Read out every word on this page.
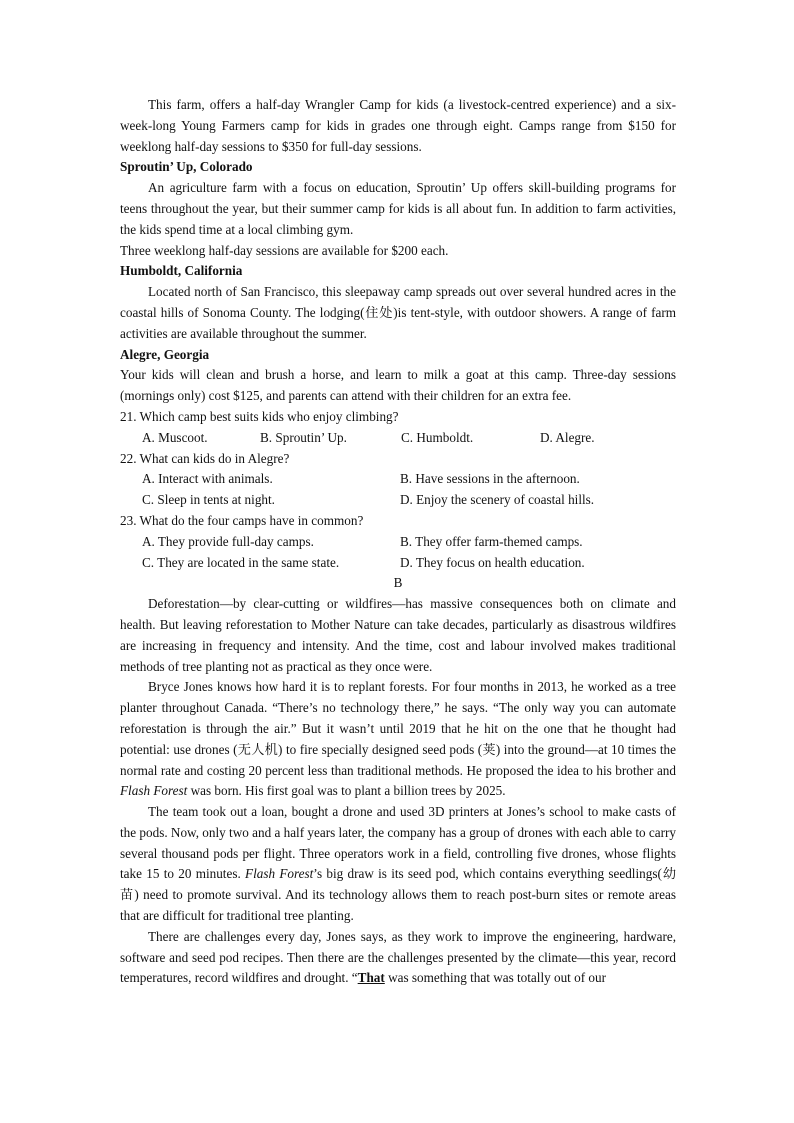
This farm, offers a half-day Wrangler Camp for kids (a livestock-centred experience) and a six-week-long Young Farmers camp for kids in grades one through eight. Camps range from $150 for weeklong half-day sessions to $350 for full-day sessions.

Sproutin’ Up, Colorado

An agriculture farm with a focus on education, Sproutin’ Up offers skill-building programs for teens throughout the year, but their summer camp for kids is all about fun. In addition to farm activities, the kids spend time at a local climbing gym.

Three weeklong half-day sessions are available for $200 each.

Humboldt, California

Located north of San Francisco, this sleepaway camp spreads out over several hundred acres in the coastal hills of Sonoma County. The lodging(住处)is tent-style, with outdoor showers. A range of farm activities are available throughout the summer.

Alegre, Georgia

Your kids will clean and brush a horse, and learn to milk a goat at this camp. Three-day sessions (mornings only) cost $125, and parents can attend with their children for an extra fee.

21. Which camp best suits kids who enjoy climbing?

A. Muscoot.	B. Sproutin’ Up.	C. Humboldt.	D. Alegre.

22. What can kids do in Alegre?

A. Interact with animals.	B. Have sessions in the afternoon.
C. Sleep in tents at night.	D. Enjoy the scenery of coastal hills.

23. What do the four camps have in common?

A. They provide full-day camps.	B. They offer farm-themed camps.
C. They are located in the same state.	D. They focus on health education.

B

Deforestation—by clear-cutting or wildfires—has massive consequences both on climate and health. But leaving reforestation to Mother Nature can take decades, particularly as disastrous wildfires are increasing in frequency and intensity. And the time, cost and labour involved makes traditional methods of tree planting not as practical as they once were.

Bryce Jones knows how hard it is to replant forests. For four months in 2013, he worked as a tree planter throughout Canada. “There’s no technology there,” he says. “The only way you can automate reforestation is through the air.” But it wasn’t until 2019 that he hit on the one that he thought had potential: use drones (无人机) to fire specially designed seed pods (荚) into the ground—at 10 times the normal rate and costing 20 percent less than traditional methods. He proposed the idea to his brother and Flash Forest was born. His first goal was to plant a billion trees by 2025.

The team took out a loan, bought a drone and used 3D printers at Jones’s school to make casts of the pods. Now, only two and a half years later, the company has a group of drones with each able to carry several thousand pods per flight. Three operators work in a field, controlling five drones, whose flights take 15 to 20 minutes. Flash Forest’s big draw is its seed pod, which contains everything seedlings(幼苗) need to promote survival. And its technology allows them to reach post-burn sites or remote areas that are difficult for traditional tree planting.

There are challenges every day, Jones says, as they work to improve the engineering, hardware, software and seed pod recipes. Then there are the challenges presented by the climate—this year, record temperatures, record wildfires and drought. “That was something that was totally out of our
